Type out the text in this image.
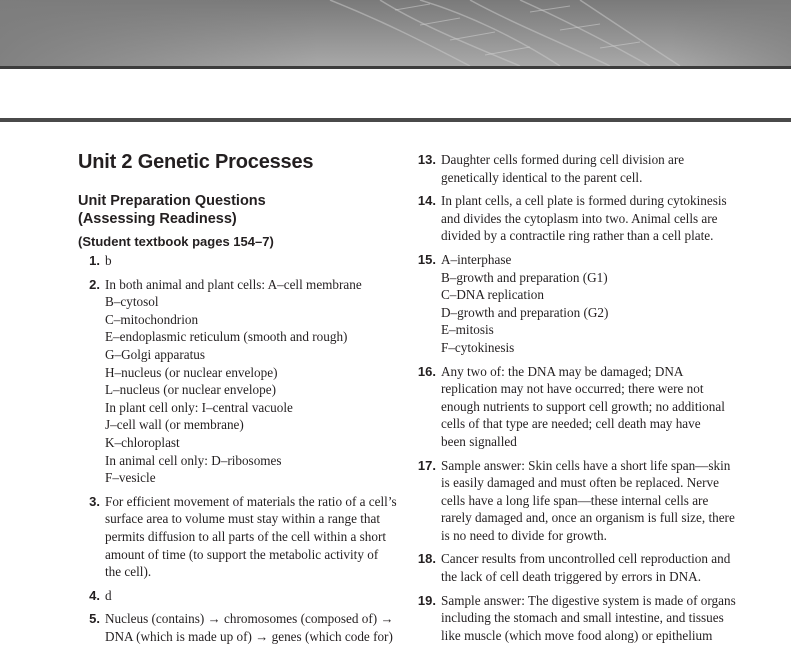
Unit 2 Genetic Processes
Unit Preparation Questions
(Assessing Readiness)
(Student textbook pages 154–7)
1. b
2. In both animal and plant cells: A–cell membrane
B–cytosol
C–mitochondrion
E–endoplasmic reticulum (smooth and rough)
G–Golgi apparatus
H–nucleus (or nuclear envelope)
L–nucleus (or nuclear envelope)
In plant cell only: I–central vacuole
J–cell wall (or membrane)
K–chloroplast
In animal cell only: D–ribosomes
F–vesicle
3. For efficient movement of materials the ratio of a cell’s
surface area to volume must stay within a range that
permits diffusion to all parts of the cell within a short
amount of time (to support the metabolic activity of
the cell).
4. d
5. Nucleus (contains) → chromosomes (composed of) →
DNA (which is made up of) → genes (which code for)
13. Daughter cells formed during cell division are
genetically identical to the parent cell.
14. In plant cells, a cell plate is formed during cytokinesis
and divides the cytoplasm into two. Animal cells are
divided by a contractile ring rather than a cell plate.
15. A–interphase
B–growth and preparation (G1)
C–DNA replication
D–growth and preparation (G2)
E–mitosis
F–cytokinesis
16. Any two of: the DNA may be damaged; DNA
replication may not have occurred; there were not
enough nutrients to support cell growth; no additional
cells of that type are needed; cell death may have
been signalled
17. Sample answer: Skin cells have a short life span—skin
is easily damaged and must often be replaced. Nerve
cells have a long life span—these internal cells are
rarely damaged and, once an organism is full size, there
is no need to divide for growth.
18. Cancer results from uncontrolled cell reproduction and
the lack of cell death triggered by errors in DNA.
19. Sample answer: The digestive system is made of organs
including the stomach and small intestine, and tissues
like muscle (which move food along) or epithelium
